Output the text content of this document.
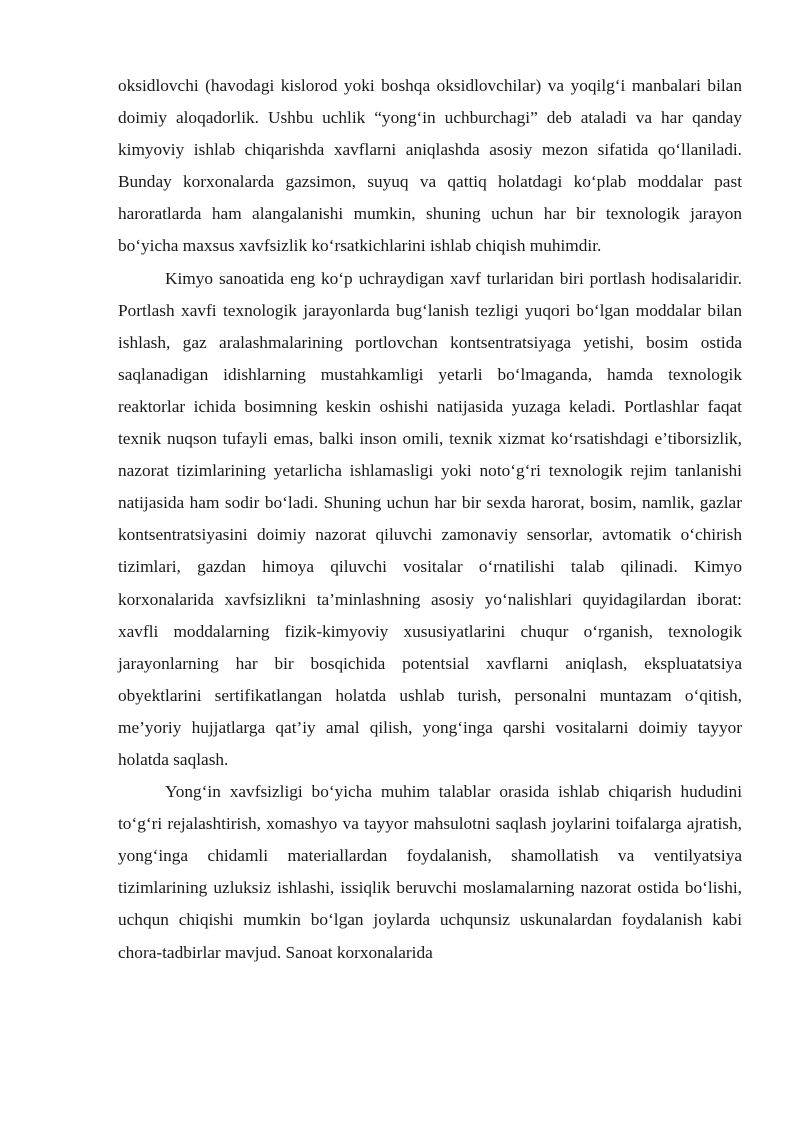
oksidlovchi (havodagi kislorod yoki boshqa oksidlovchilar) va yoqilg‘i manbalari bilan doimiy aloqadorlik. Ushbu uchlik “yong‘in uchburchagi” deb ataladi va har qanday kimyoviy ishlab chiqarishda xavflarni aniqlashda asosiy mezon sifatida qo‘llaniladi. Bunday korxonalarda gazsimon, suyuq va qattiq holatdagi ko‘plab moddalar past haroratlarda ham alangalanishi mumkin, shuning uchun har bir texnologik jarayon bo‘yicha maxsus xavfsizlik ko‘rsatkichlarini ishlab chiqish muhimdir.

Kimyo sanoatida eng ko‘p uchraydigan xavf turlaridan biri portlash hodisalaridir. Portlash xavfi texnologik jarayonlarda bug‘lanish tezligi yuqori bo‘lgan moddalar bilan ishlash, gaz aralashmalarining portlovchan kontsentratsiyaga yetishi, bosim ostida saqlanadigan idishlarning mustahkamligi yetarli bo‘lmaganda, hamda texnologik reaktorlar ichida bosimning keskin oshishi natijasida yuzaga keladi. Portlashlar faqat texnik nuqson tufayli emas, balki inson omili, texnik xizmat ko‘rsatishdagi e’tiborsizlik, nazorat tizimlarining yetarlicha ishlamasligi yoki noto‘g‘ri texnologik rejim tanlanishi natijasida ham sodir bo‘ladi. Shuning uchun har bir sexda harorat, bosim, namlik, gazlar kontsentratsiyasini doimiy nazorat qiluvchi zamonaviy sensorlar, avtomatik o‘chirish tizimlari, gazdan himoya qiluvchi vositalar o‘rnatilishi talab qilinadi. Kimyo korxonalarida xavfsizlikni ta’minlashning asosiy yo‘nalishlari quyidagilardan iborat: xavfli moddalarning fizik-kimyoviy xususiyatlarini chuqur o‘rganish, texnologik jarayonlarning har bir bosqichida potentsial xavflarni aniqlash, ekspluatatsiya obyektlarini sertifikatlangan holatda ushlab turish, personalni muntazam o‘qitish, me’yoriy hujjatlarga qat’iy amal qilish, yong‘inga qarshi vositalarni doimiy tayyor holatda saqlash.

Yong‘in xavfsizligi bo‘yicha muhim talablar orasida ishlab chiqarish hududini to‘g‘ri rejalashtirish, xomashyo va tayyor mahsulotni saqlash joylarini toifalarga ajratish, yong‘inga chidamli materiallardan foydalanish, shamollatish va ventilyatsiya tizimlarining uzluksiz ishlashi, issiqlik beruvchi moslamalarning nazorat ostida bo‘lishi, uchqun chiqishi mumkin bo‘lgan joylarda uchqunsiz uskunalardan foydalanish kabi chora-tadbirlar mavjud. Sanoat korxonalarida
